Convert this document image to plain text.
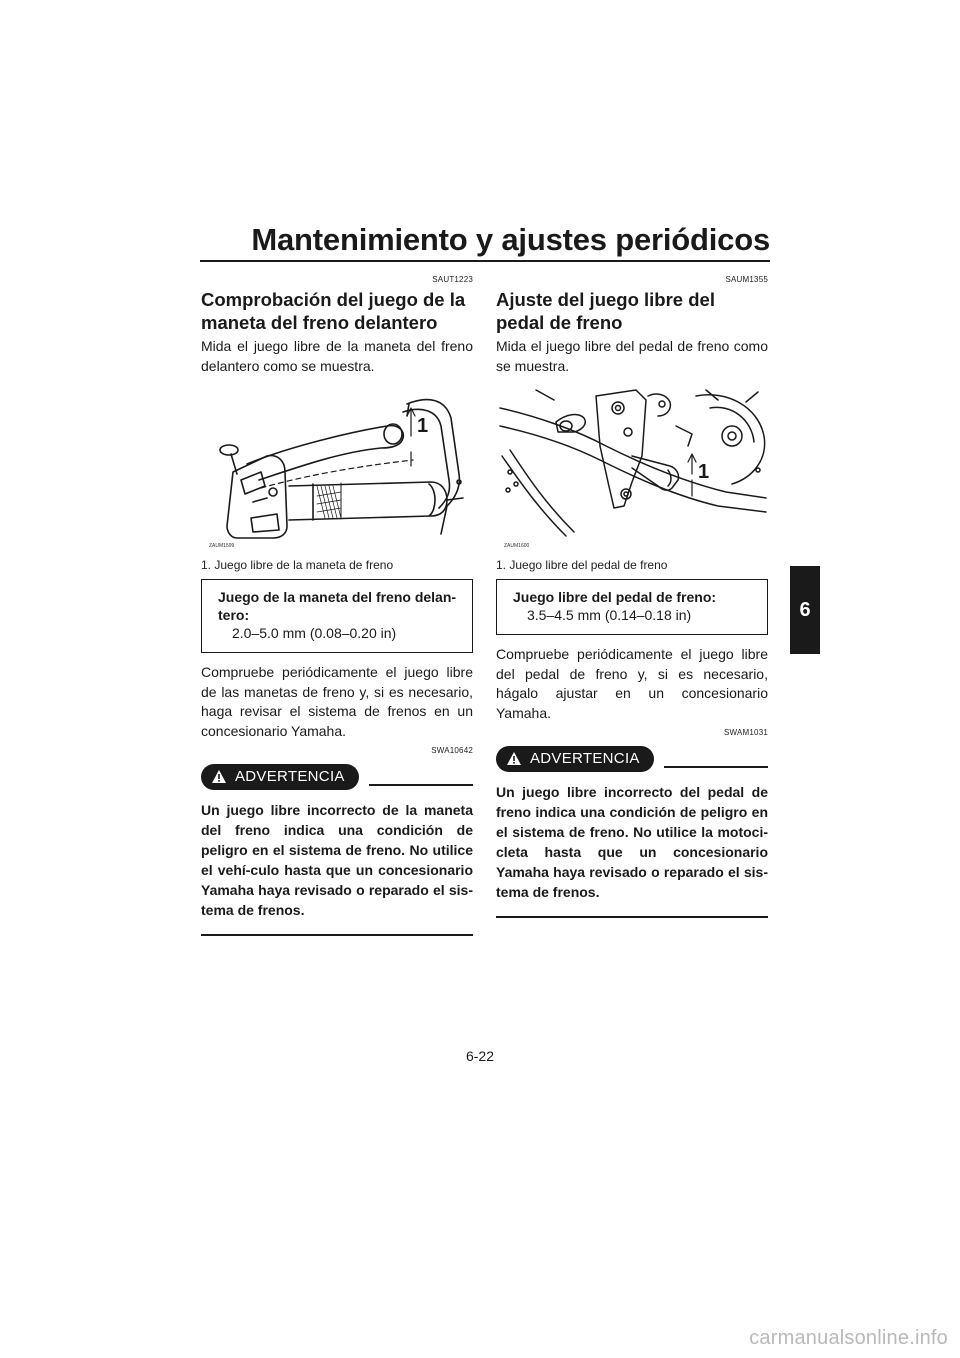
Mantenimiento y ajustes periódicos
6
SAUT1223
Comprobación del juego de la maneta del freno delantero
Mida el juego libre de la maneta del freno delantero como se muestra.
1
ZAUM1599
1. Juego libre de la maneta de freno
Juego de la maneta del freno delan-tero:
2.0–5.0 mm (0.08–0.20 in)
Compruebe periódicamente el juego libre de las manetas de freno y, si es necesario, haga revisar el sistema de frenos en un concesionario Yamaha.
SWA10642
ADVERTENCIA
Un juego libre incorrecto de la maneta del freno indica una condición de peligro en el sistema de freno. No utilice el vehí-culo hasta que un concesionario Yamaha haya revisado o reparado el sis-tema de frenos.
SAUM1355
Ajuste del juego libre del pedal de freno
Mida el juego libre del pedal de freno como se muestra.
1
ZAUM1600
1. Juego libre del pedal de freno
Juego libre del pedal de freno:
3.5–4.5 mm (0.14–0.18 in)
Compruebe periódicamente el juego libre del pedal de freno y, si es necesario, hágalo ajustar en un concesionario Yamaha.
SWAM1031
ADVERTENCIA
Un juego libre incorrecto del pedal de freno indica una condición de peligro en el sistema de freno. No utilice la motoci-cleta hasta que un concesionario Yamaha haya revisado o reparado el sis-tema de frenos.
6-22
carmanualsonline.info
